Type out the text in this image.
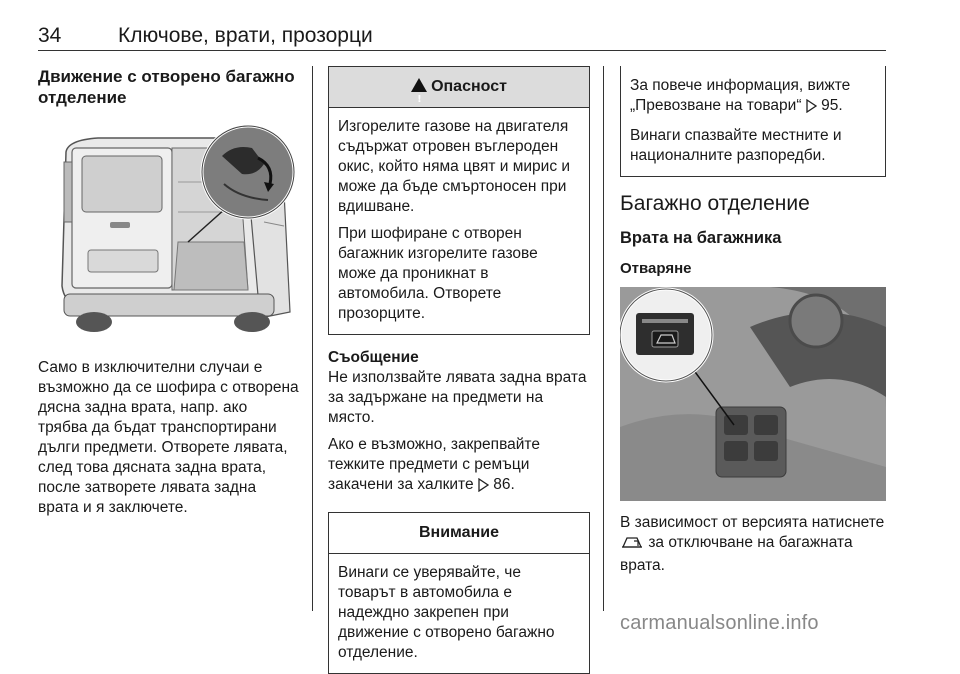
34	Ключове, врати, прозорци
Движение с отворено багажно отделение

Само в изключителни случаи е възможно да се шофира с отворена дясна задна врата, напр. ако трябва да бъдат транспортирани дълги предмети. Отворете лявата, след това дясната задна врата, после затворете лявата задна врата и я заключете.

!Опасност

Изгорелите газове на двигателя съдържат отровен въглероден окис, който няма цвят и мирис и може да бъде смъртоносен при вдишване.

При шофиране с отворен багажник изгорелите газове може да проникнат в автомобила. Отворете прозорците.

Съобщение

Не използвайте лявата задна врата за задържане на предмети на място.

Ако е възможно, закрепвайте тежките предмети с ремъци закачени за халките 86.

Внимание

Винаги се уверявайте, че товарът в автомобила е надеждно закрепен при движение с отворено багажно отделение.

За повече информация, вижте „Превозване на товари“ 95.

Винаги спазвайте местните и националните разпоредби.

Багажно отделение
Врата на багажника
Отваряне

В зависимост от версията натиснете  за отключване на багажната врата.

carmanualsonline.info
